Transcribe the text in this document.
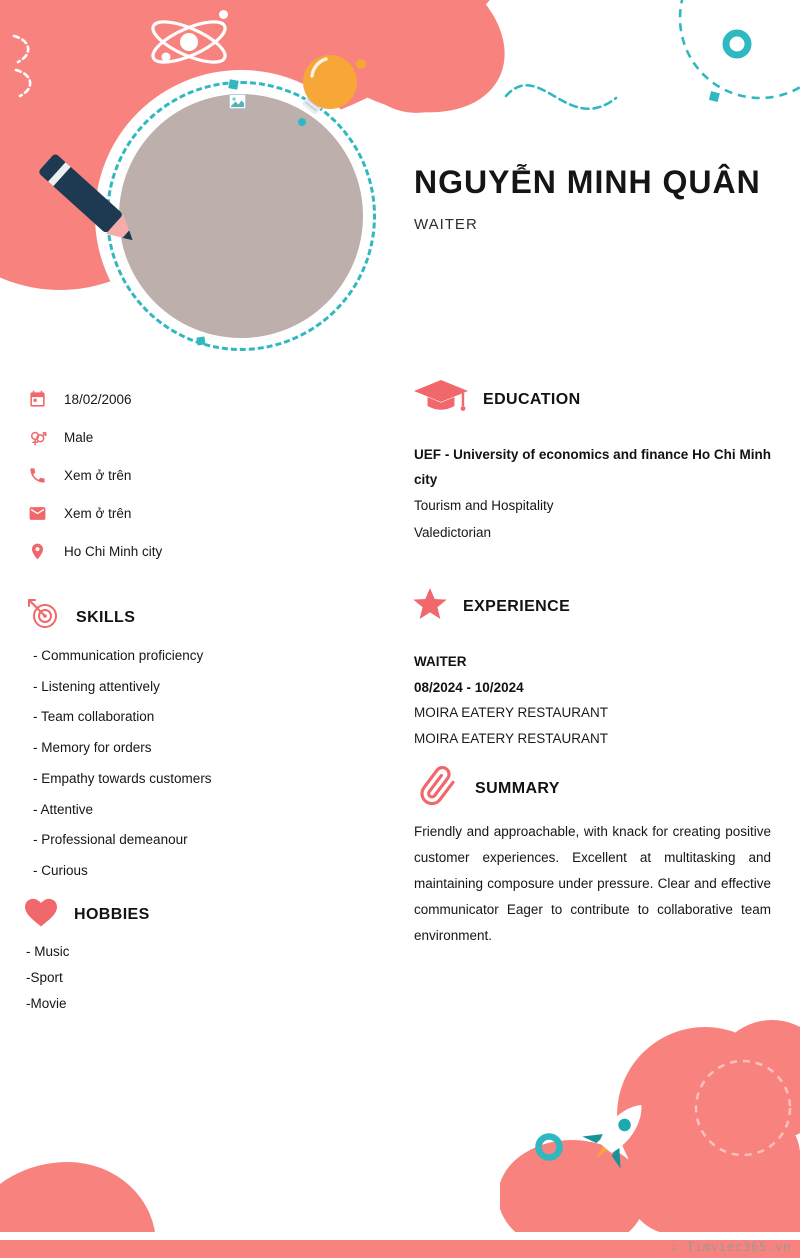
NGUYỄN MINH QUÂN
WAITER
18/02/2006
Male
Xem ở trên
Xem ở trên
Ho Chi Minh city
SKILLS
- Communication proficiency
- Listening attentively
- Team collaboration
- Memory for orders
- Empathy towards customers
- Attentive
- Professional demeanour
- Curious
HOBBIES
- Music
-Sport
-Movie
EDUCATION
UEF - University of economics and finance Ho Chi Minh city
Tourism and Hospitality
Valedictorian
EXPERIENCE
WAITER
08/2024 - 10/2024
MOIRA EATERY RESTAURANT
MOIRA EATERY RESTAURANT
SUMMARY

Friendly and approachable, with knack for creating positive customer experiences. Excellent at multitasking and maintaining composure under pressure. Clear and effective communicator Eager to contribute to collaborative team environment.

∴ Timviec365.vn
